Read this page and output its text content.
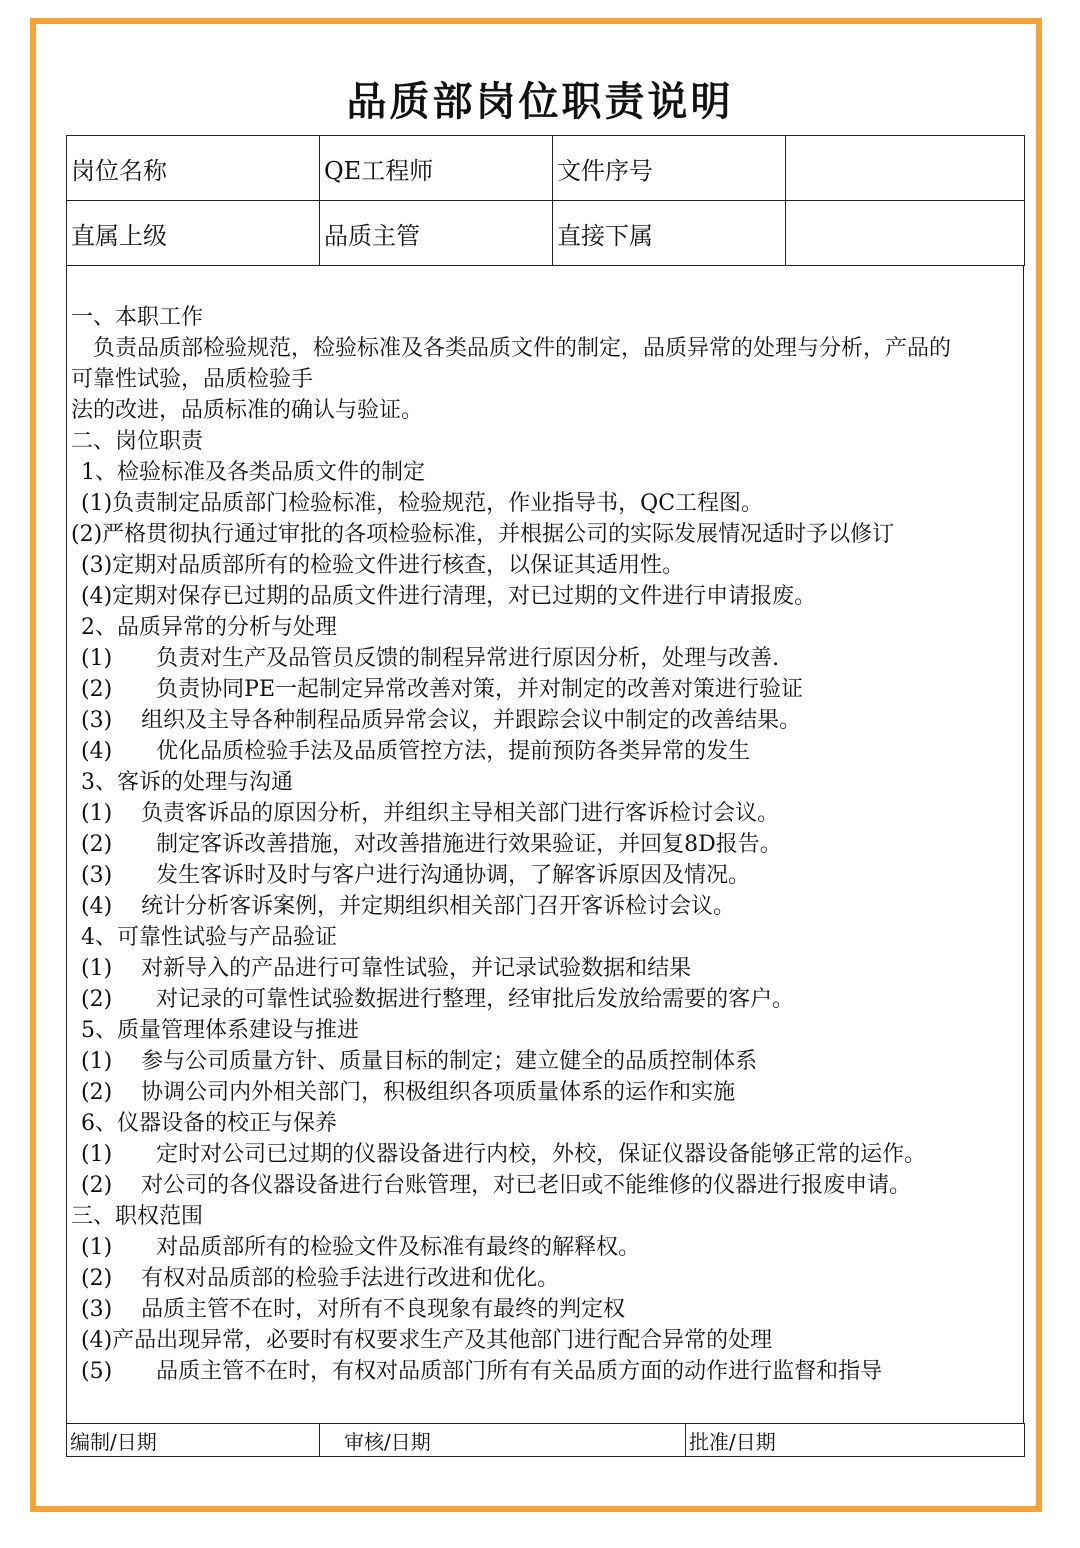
品质部岗位职责说明
岗位名称	QE工程师	文件序号	
直属上级	品质主管	直接下属	
一、本职工作
负责品质部检验规范，检验标准及各类品质文件的制定，品质异常的处理与分析，产品的
可靠性试验，品质检验手
法的改进，品质标准的确认与验证。
二、岗位职责
1、检验标准及各类品质文件的制定
(1)负责制定品质部门检验标准，检验规范，作业指导书，QC工程图。
(2)严格贯彻执行通过审批的各项检验标准，并根据公司的实际发展情况适时予以修订
(3)定期对品质部所有的检验文件进行核查，以保证其适用性。
(4)定期对保存已过期的品质文件进行清理，对已过期的文件进行申请报废。
2、品质异常的分析与处理
(1)　　负责对生产及品管员反馈的制程异常进行原因分析，处理与改善.
(2)　　负责协同PE一起制定异常改善对策，并对制定的改善对策进行验证
(3)　 组织及主导各种制程品质异常会议，并跟踪会议中制定的改善结果。
(4)　　优化品质检验手法及品质管控方法，提前预防各类异常的发生
3、客诉的处理与沟通
(1)　 负责客诉品的原因分析，并组织主导相关部门进行客诉检讨会议。
(2)　　制定客诉改善措施，对改善措施进行效果验证，并回复8D报告。
(3)　　发生客诉时及时与客户进行沟通协调，了解客诉原因及情况。
(4)　 统计分析客诉案例，并定期组织相关部门召开客诉检讨会议。
4、可靠性试验与产品验证
(1)　 对新导入的产品进行可靠性试验，并记录试验数据和结果
(2)　　对记录的可靠性试验数据进行整理，经审批后发放给需要的客户。
5、质量管理体系建设与推进
(1)　 参与公司质量方针、质量目标的制定；建立健全的品质控制体系
(2)　 协调公司内外相关部门，积极组织各项质量体系的运作和实施
6、仪器设备的校正与保养
(1)　　定时对公司已过期的仪器设备进行内校，外校，保证仪器设备能够正常的运作。
(2)　 对公司的各仪器设备进行台账管理，对已老旧或不能维修的仪器进行报废申请。
三、职权范围
(1)　　对品质部所有的检验文件及标准有最终的解释权。
(2)　 有权对品质部的检验手法进行改进和优化。
(3)　 品质主管不在时，对所有不良现象有最终的判定权
(4)产品出现异常，必要时有权要求生产及其他部门进行配合异常的处理
(5)　　品质主管不在时，有权对品质部门所有有关品质方面的动作进行监督和指导
编制/日期	审核/日期	批准/日期
